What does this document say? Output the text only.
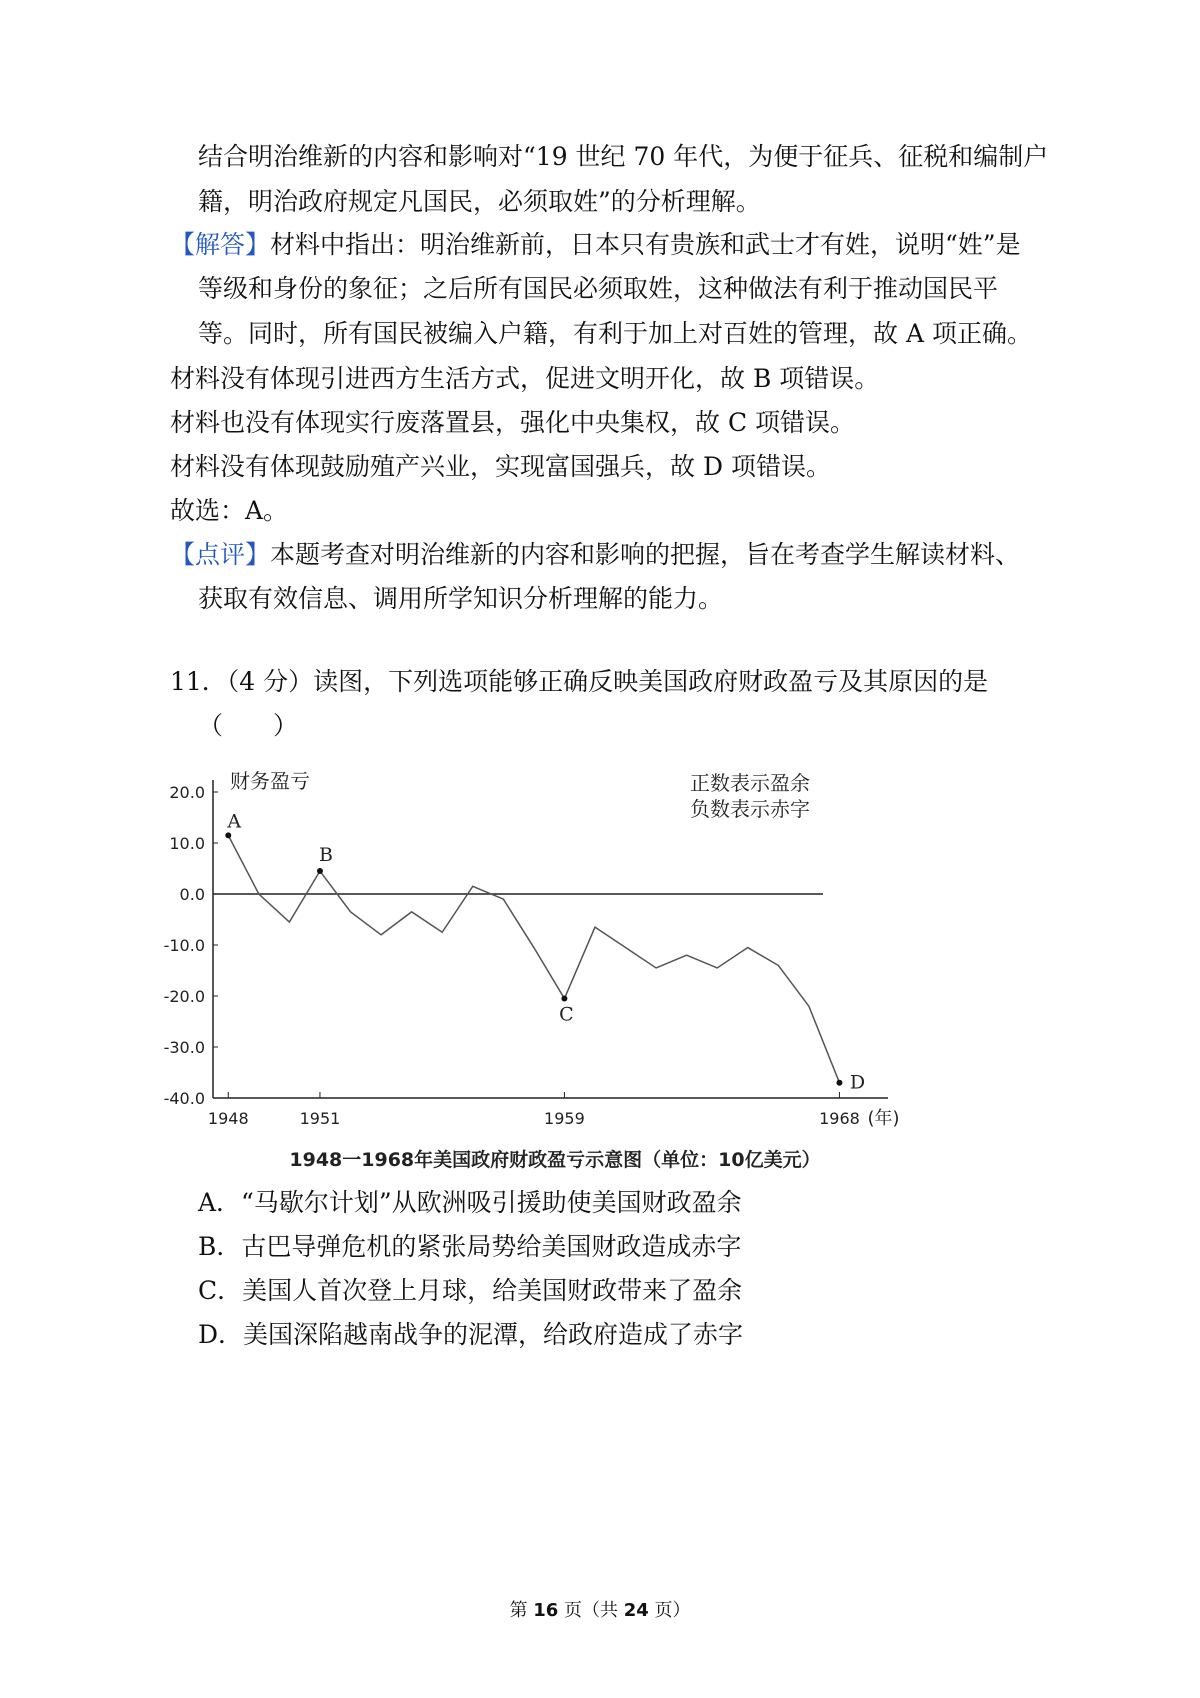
结合明治维新的内容和影响对“19 世纪 70 年代，为便于征兵、征税和编制户
籍，明治政府规定凡国民，必须取姓”的分析理解。
【解答】材料中指出：明治维新前，日本只有贵族和武士才有姓，说明“姓”是
等级和身份的象征；之后所有国民必须取姓，这种做法有利于推动国民平
等。同时，所有国民被编入户籍，有利于加上对百姓的管理，故 A 项正确。
材料没有体现引进西方生活方式，促进文明开化，故 B 项错误。
材料也没有体现实行废落置县，强化中央集权，故 C 项错误。
材料没有体现鼓励殖产兴业，实现富国强兵，故 D 项错误。
故选：A。
【点评】本题考查对明治维新的内容和影响的把握，旨在考查学生解读材料、
获取有效信息、调用所学知识分析理解的能力。
11．（4 分）读图，下列选项能够正确反映美国政府财政盈亏及其原因的是
（　　）
20.0
10.0
0.0
-10.0
-20.0
-30.0
-40.0
财务盈亏
1948	1951	1959	1968 (年)
A
B
C
D
正数表示盈余
负数表示赤字
1948一1968年美国政府财政盈亏示意图（单位：10亿美元）
A．“马歇尔计划”从欧洲吸引援助使美国财政盈余
B．古巴导弹危机的紧张局势给美国财政造成赤字
C．美国人首次登上月球，给美国财政带来了盈余
D．美国深陷越南战争的泥潭，给政府造成了赤字
第 16 页（共 24 页）
